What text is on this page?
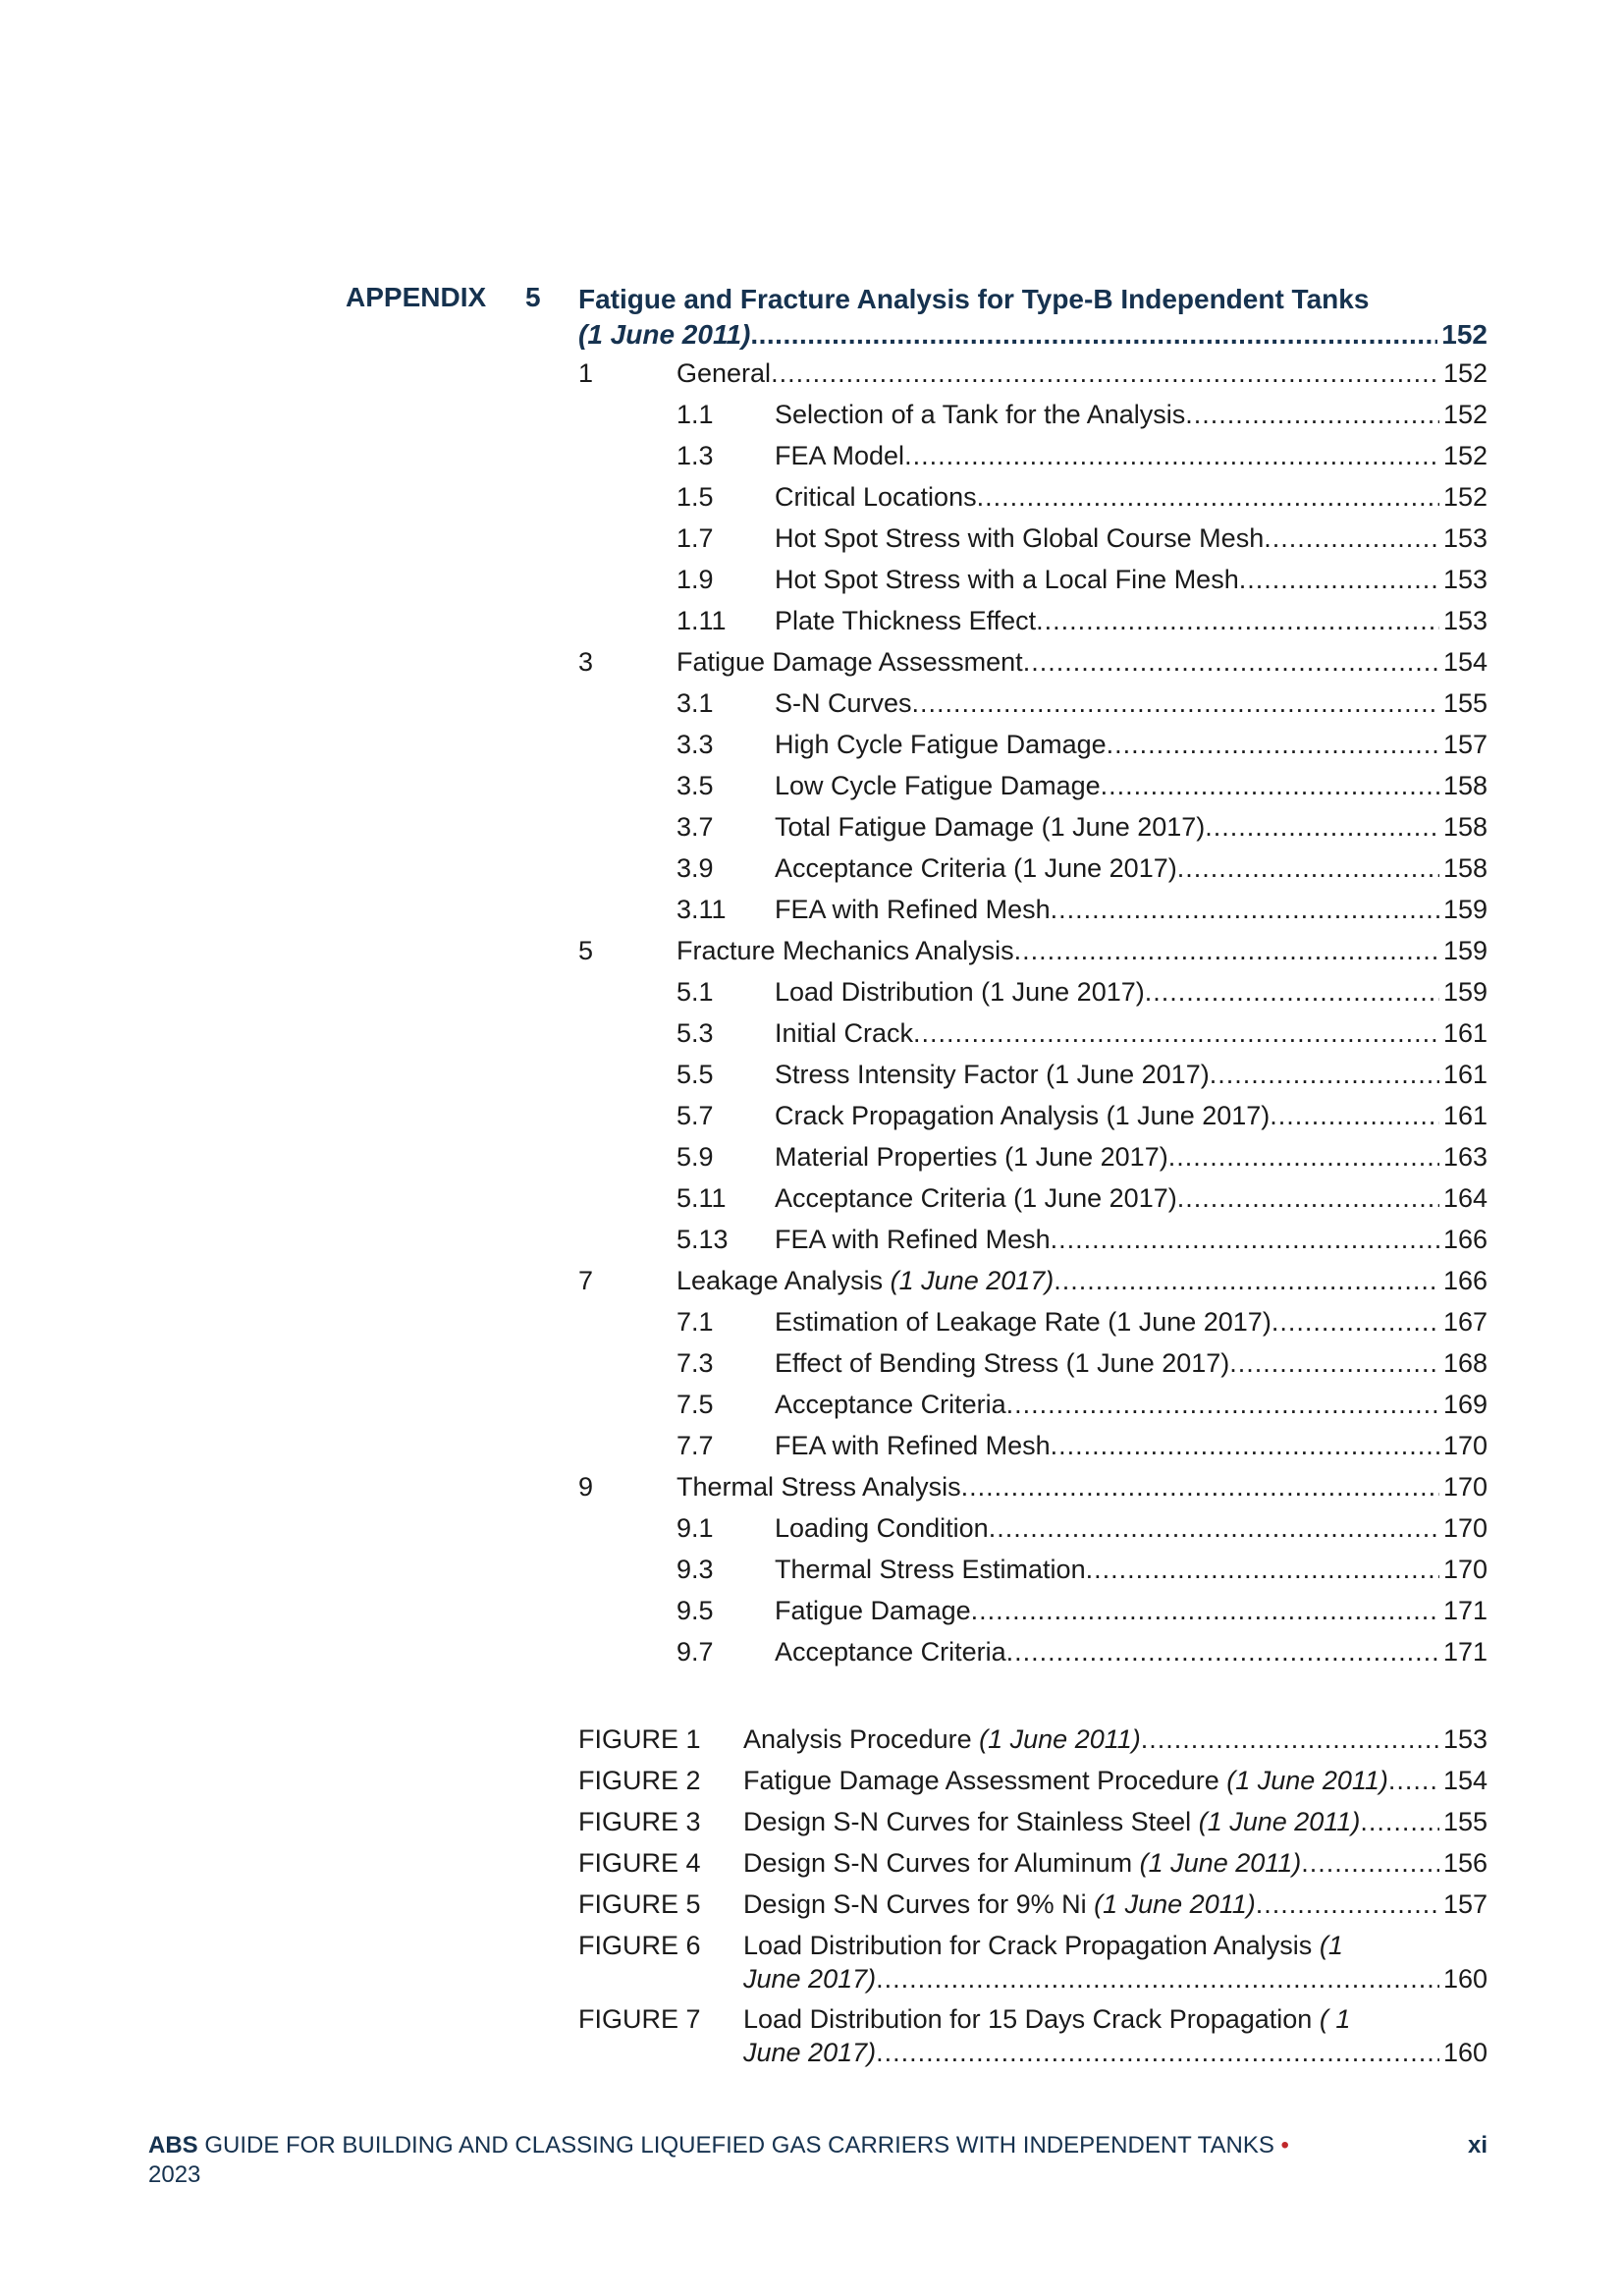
APPENDIX 5 Fatigue and Fracture Analysis for Type-B Independent Tanks
(1 June 2011) .....	152
1	General .....	152
1.1 Selection of a Tank for the Analysis .....	152
1.3 FEA Model .....	152
1.5 Critical Locations .....	152
1.7 Hot Spot Stress with Global Course Mesh .....	153
1.9 Hot Spot Stress with a Local Fine Mesh .....	153
1.11 Plate Thickness Effect .....	153
3	Fatigue Damage Assessment .....	154
3.1 S-N Curves .....	155
3.3 High Cycle Fatigue Damage .....	157
3.5 Low Cycle Fatigue Damage .....	158
3.7 Total Fatigue Damage (1 June 2017) .....	158
3.9 Acceptance Criteria (1 June 2017) .....	158
3.11 FEA with Refined Mesh .....	159
5	Fracture Mechanics Analysis .....	159
5.1 Load Distribution (1 June 2017) .....	159
5.3 Initial Crack .....	161
5.5 Stress Intensity Factor (1 June 2017) .....	161
5.7 Crack Propagation Analysis (1 June 2017) .....	161
5.9 Material Properties (1 June 2017) .....	163
5.11 Acceptance Criteria (1 June 2017) .....	164
5.13 FEA with Refined Mesh .....	166
7	Leakage Analysis (1 June 2017) .....	166
7.1 Estimation of Leakage Rate (1 June 2017) .....	167
7.3 Effect of Bending Stress (1 June 2017) .....	168
7.5 Acceptance Criteria .....	169
7.7 FEA with Refined Mesh .....	170
9	Thermal Stress Analysis .....	170
9.1 Loading Condition .....	170
9.3 Thermal Stress Estimation .....	170
9.5 Fatigue Damage .....	171
9.7 Acceptance Criteria .....	171
FIGURE 1 Analysis Procedure (1 June 2011) .....	153
FIGURE 2 Fatigue Damage Assessment Procedure (1 June 2011) ..... 154
FIGURE 3 Design S-N Curves for Stainless Steel (1 June 2011) .....	155
FIGURE 4 Design S-N Curves for Aluminum (1 June 2011) .....	156
FIGURE 5 Design S-N Curves for 9% Ni (1 June 2011) .....	157
FIGURE 6 Load Distribution for Crack Propagation Analysis (1
June 2017) .....	160
FIGURE 7 Load Distribution for 15 Days Crack Propagation ( 1
June 2017) .....	160
ABS GUIDE FOR BUILDING AND CLASSING LIQUEFIED GAS CARRIERS WITH INDEPENDENT TANKS •
2023
xi
